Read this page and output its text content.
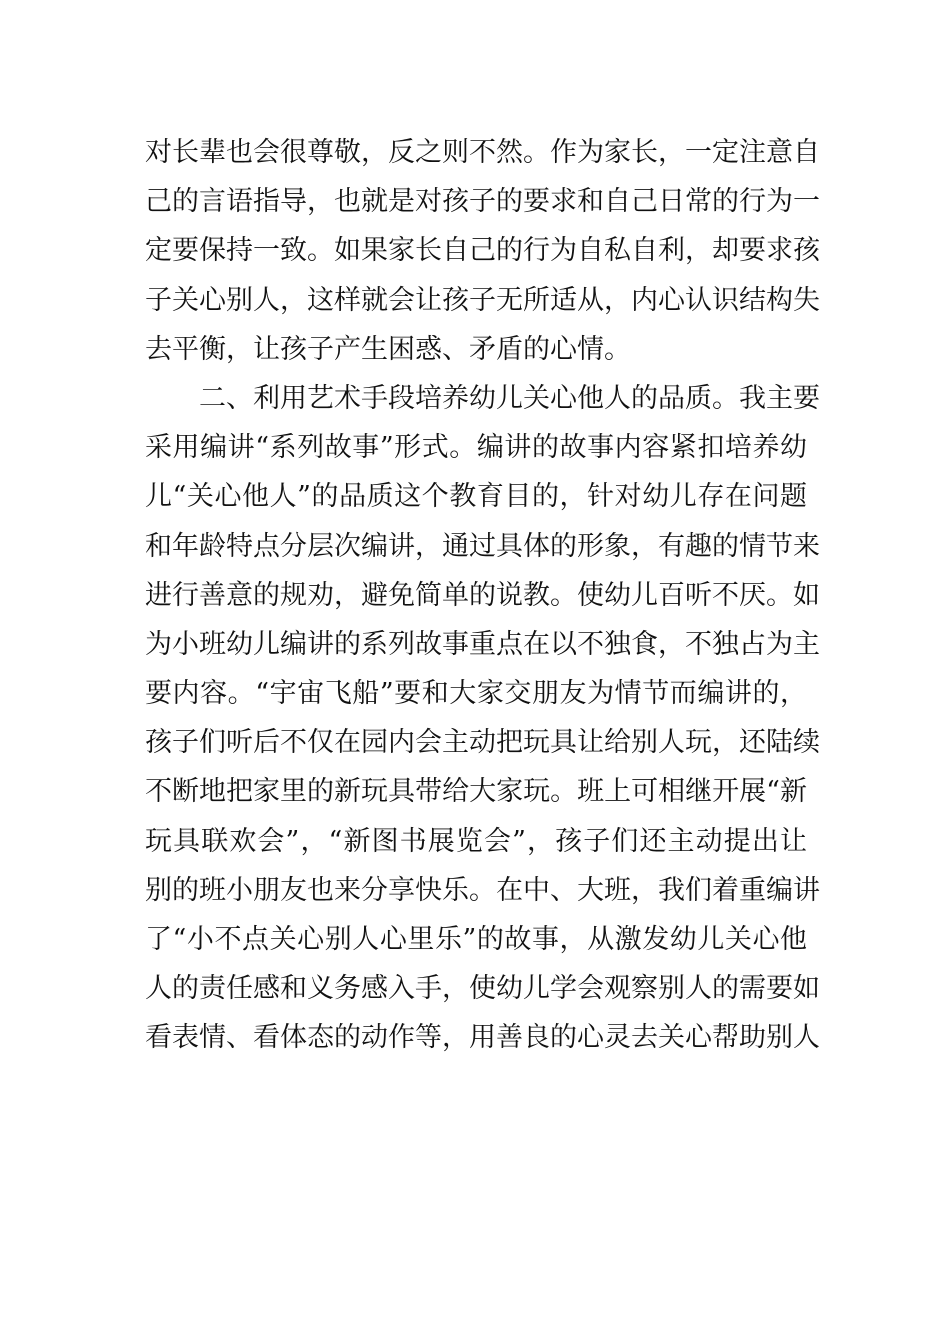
对长辈也会很尊敬，反之则不然。作为家长，一定注意自
己的言语指导，也就是对孩子的要求和自己日常的行为一
定要保持一致。如果家长自己的行为自私自利，却要求孩
子关心别人，这样就会让孩子无所适从，内心认识结构失
去平衡，让孩子产生困惑、矛盾的心情。
二、利用艺术手段培养幼儿关心他人的品质。我主要
采用编讲“系列故事”形式。编讲的故事内容紧扣培养幼
儿“关心他人”的品质这个教育目的，针对幼儿存在问题
和年龄特点分层次编讲，通过具体的形象，有趣的情节来
进行善意的规劝，避免简单的说教。使幼儿百听不厌。如
为小班幼儿编讲的系列故事重点在以不独食，不独占为主
要内容。“宇宙飞船”要和大家交朋友为情节而编讲的，
孩子们听后不仅在园内会主动把玩具让给别人玩，还陆续
不断地把家里的新玩具带给大家玩。班上可相继开展“新
玩具联欢会”，“新图书展览会”，孩子们还主动提出让
别的班小朋友也来分享快乐。在中、大班，我们着重编讲
了“小不点关心别人心里乐”的故事，从激发幼儿关心他
人的责任感和义务感入手，使幼儿学会观察别人的需要如
看表情、看体态的动作等，用善良的心灵去关心帮助别人
